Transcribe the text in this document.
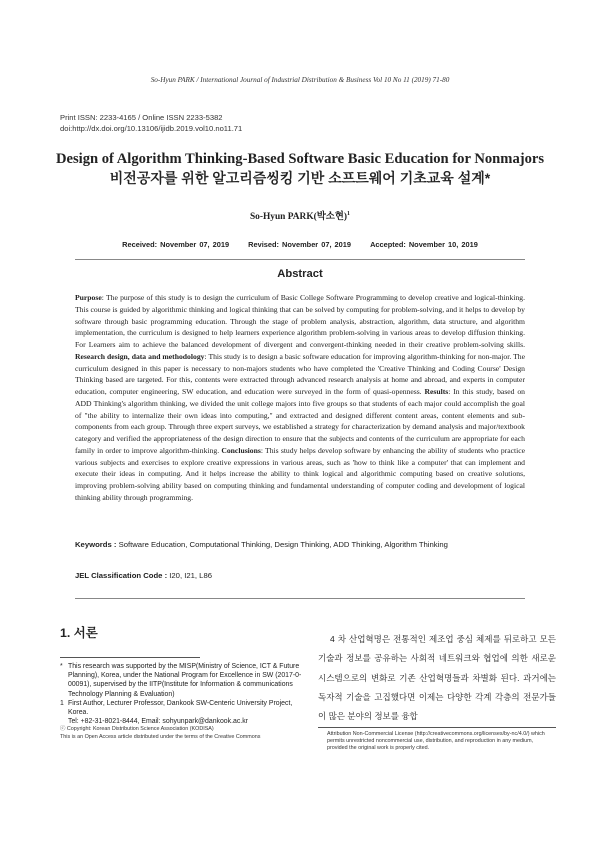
So-Hyun PARK / International Journal of Industrial Distribution & Business Vol 10 No 11 (2019) 71-80
Print ISSN: 2233-4165 / Online ISSN 2233-5382
doi:http://dx.doi.org/10.13106/ijidb.2019.vol10.no11.71
Design of Algorithm Thinking-Based Software Basic Education for Nonmajors
비전공자를 위한 알고리즘씽킹 기반 소프트웨어 기초교육 설계*
So-Hyun PARK(박소현)$^1$
Received: November 07, 2019	Revised: November 07, 2019	Accepted: November 10, 2019
Abstract
Purpose: The purpose of this study is to design the curriculum of Basic College Software Programming to develop creative and logical-thinking. This course is guided by algorithmic thinking and logical thinking that can be solved by computing for problem-solving, and it helps to develop by software through basic programming education. Through the stage of problem analysis, abstraction, algorithm, data structure, and algorithm implementation, the curriculum is designed to help learners experience algorithm problem-solving in various areas to develop diffusion thinking. For Learners aim to achieve the balanced development of divergent and convergent-thinking needed in their creative problem-solving skills. Research design, data and methodology: This study is to design a basic software education for improving algorithm-thinking for non-major. The curriculum designed in this paper is necessary to non-majors students who have completed the 'Creative Thinking and Coding Course' Design Thinking based are targeted. For this, contents were extracted through advanced research analysis at home and abroad, and experts in computer education, computer engineering, SW education, and education were surveyed in the form of quasi-openness. Results: In this study, based on ADD Thinking's algorithm thinking, we divided the unit college majors into five groups so that students of each major could accomplish the goal of "the ability to internalize their own ideas into computing," and extracted and designed different content areas, content elements and sub-components from each group. Through three expert surveys, we established a strategy for characterization by demand analysis and major/textbook category and verified the appropriateness of the design direction to ensure that the subjects and contents of the curriculum are appropriate for each family in order to improve algorithm-thinking. Conclusions: This study helps develop software by enhancing the ability of students who practice various subjects and exercises to explore creative expressions in various areas, such as 'how to think like a computer' that can implement and execute their ideas in computing. And it helps increase the ability to think logical and algorithmic computing based on creative solutions, improving problem-solving ability based on computing thinking and fundamental understanding of computer coding and development of logical thinking ability through programming.
Keywords : Software Education, Computational Thinking, Design Thinking, ADD Thinking, Algorithm Thinking
JEL Classification Code : I20, I21, L86
1. 서론
* This research was supported by the MISP(Ministry of Science, ICT & Future Planning), Korea, under the National Program for Excellence in SW (2017-0-00091), supervised by the IITP(Institute for Information & communications Technology Planning & Evaluation)
1 First Author, Lecturer Professor, Dankook SW-Centeric University Project, Korea.
Tel: +82-31-8021-8444, Email: sohyunpark@dankook.ac.kr
ⓒ Copyright: Korean Distribution Science Association (KODISA)
This is an Open Access article distributed under the terms of the Creative Commons
4 차 산업혁명은 전통적인 제조업 중심 체제를 뒤로하고 모든 기술과 정보를 공유하는 사회적 네트워크와 협업에 의한 새로운 시스템으로의 변화로 기존 산업혁명들과 차별화 된다. 과거에는 독자적 기술을 고집했다면 이제는 다양한 각계 각층의 전문가들이 많은 분야의 정보를 융합
Attribution Non-Commercial License (http://creativecommons.org/licenses/by-nc/4.0/) which permits unrestricted noncommercial use, distribution, and reproduction in any medium, provided the original work is properly cited.
